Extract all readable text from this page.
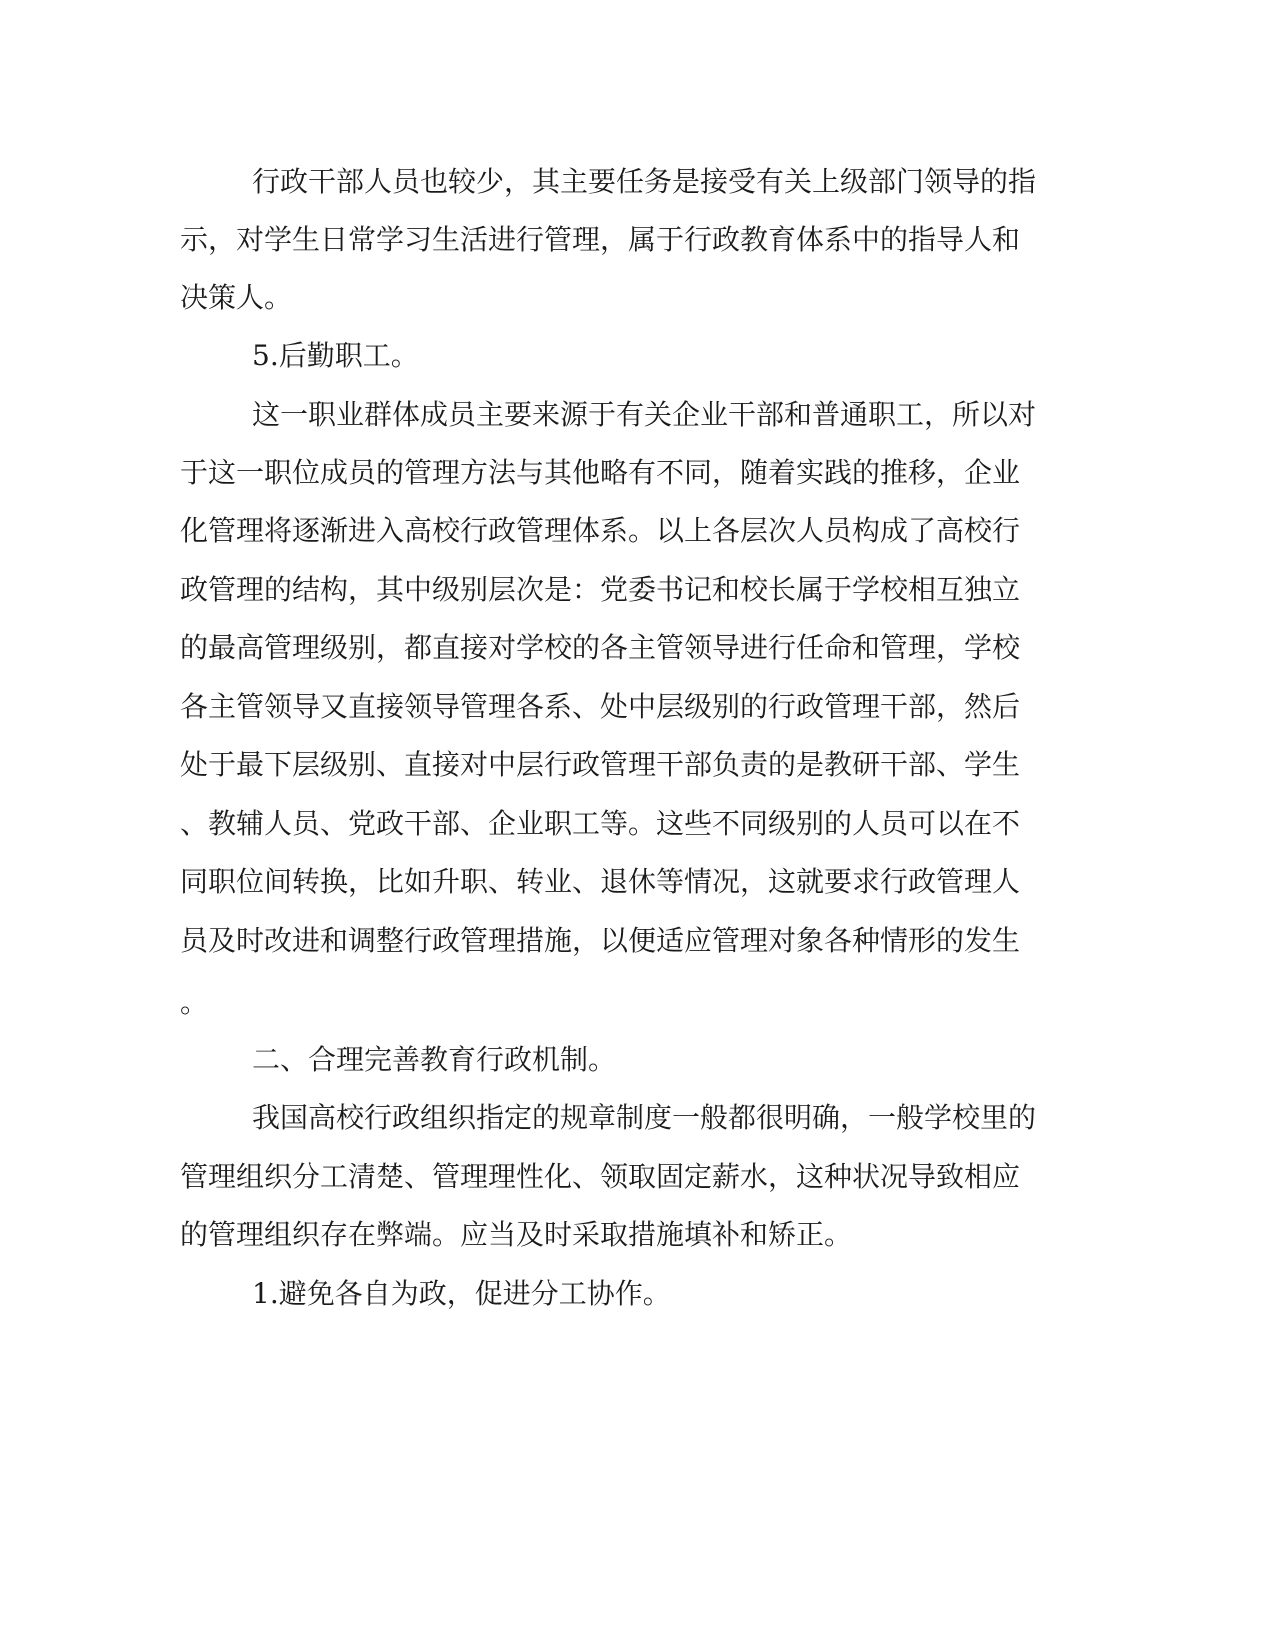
行政干部人员也较少，其主要任务是接受有关上级部门领导的指
示，对学生日常学习生活进行管理，属于行政教育体系中的指导人和
决策人。
5.后勤职工。
这一职业群体成员主要来源于有关企业干部和普通职工，所以对
于这一职位成员的管理方法与其他略有不同，随着实践的推移，企业
化管理将逐渐进入高校行政管理体系。以上各层次人员构成了高校行
政管理的结构，其中级别层次是：党委书记和校长属于学校相互独立
的最高管理级别，都直接对学校的各主管领导进行任命和管理，学校
各主管领导又直接领导管理各系、处中层级别的行政管理干部，然后
处于最下层级别、直接对中层行政管理干部负责的是教研干部、学生
、教辅人员、党政干部、企业职工等。这些不同级别的人员可以在不
同职位间转换，比如升职、转业、退休等情况，这就要求行政管理人
员及时改进和调整行政管理措施，以便适应管理对象各种情形的发生
。
二、合理完善教育行政机制。
我国高校行政组织指定的规章制度一般都很明确，一般学校里的
管理组织分工清楚、管理理性化、领取固定薪水，这种状况导致相应
的管理组织存在弊端。应当及时采取措施填补和矫正。
1.避免各自为政，促进分工协作。
